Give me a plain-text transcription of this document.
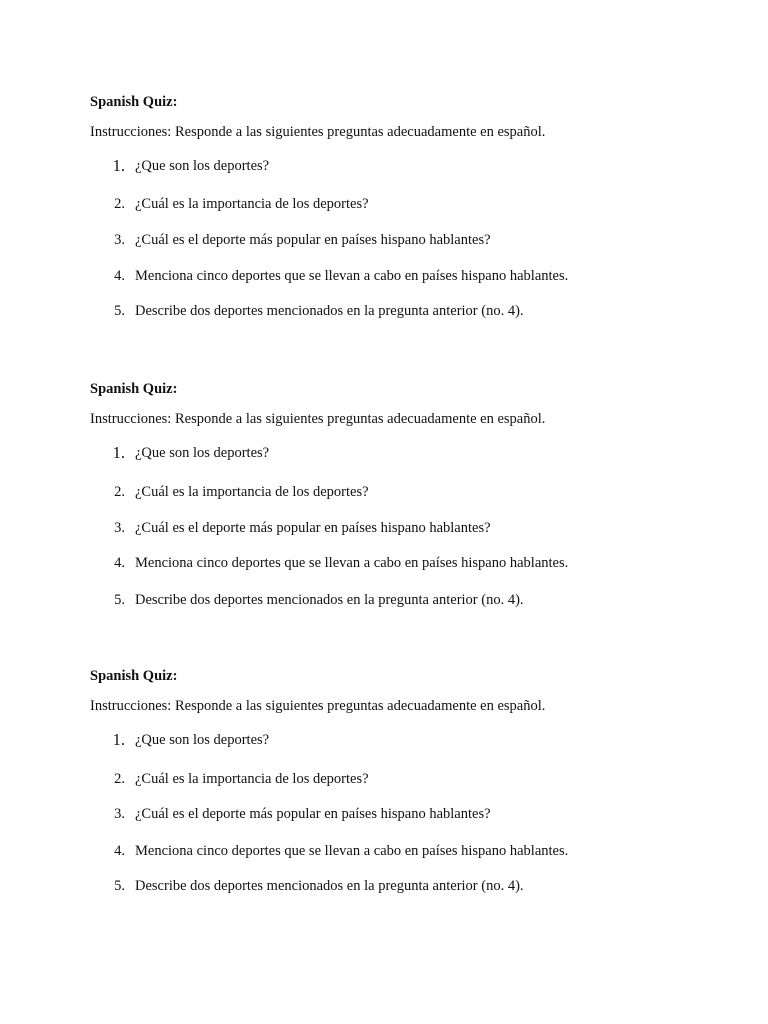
Spanish Quiz:
Instrucciones: Responde a las siguientes preguntas adecuadamente en español.
1. ¿Que son los deportes?
2. ¿Cuál es la importancia de los deportes?
3. ¿Cuál es el deporte más popular en países hispano hablantes?
4. Menciona cinco deportes que se llevan a cabo en países hispano hablantes.
5. Describe dos deportes mencionados en la pregunta anterior (no. 4).
Spanish Quiz:
Instrucciones: Responde a las siguientes preguntas adecuadamente en español.
1. ¿Que son los deportes?
2. ¿Cuál es la importancia de los deportes?
3. ¿Cuál es el deporte más popular en países hispano hablantes?
4. Menciona cinco deportes que se llevan a cabo en países hispano hablantes.
5. Describe dos deportes mencionados en la pregunta anterior (no. 4).
Spanish Quiz:
Instrucciones: Responde a las siguientes preguntas adecuadamente en español.
1. ¿Que son los deportes?
2. ¿Cuál es la importancia de los deportes?
3. ¿Cuál es el deporte más popular en países hispano hablantes?
4. Menciona cinco deportes que se llevan a cabo en países hispano hablantes.
5. Describe dos deportes mencionados en la pregunta anterior (no. 4).
